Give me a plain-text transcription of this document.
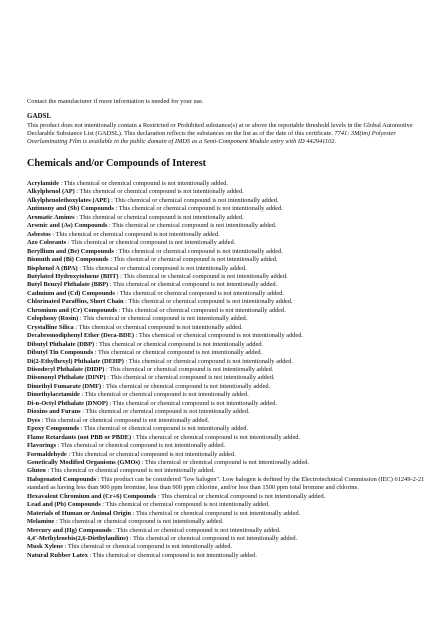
Contact the manufacturer if more information is needed for your use.

GADSL

This product does not intentionally contain a Restricted or Prohibited substance(s) at or above the reportable threshold levels in the Global Automotive Declarable Substance List (GADSL). This declaration reflects the substances on the list as of the date of this certificate. 7741: 3M(tm) Polyester Overlaminating Film is available in the public domain of IMDS as a Semi-Component Module entry with ID 442941102.

Chemicals and/or Compounds of Interest
Acrylamide : This chemical or chemical compound is not intentionally added.
Alkylphenol (AP) : This chemical or chemical compound is not intentionally added.
Alkylphenolethoxylates (APE) : This chemical or chemical compound is not intentionally added.
Antimony and (Sb) Compounds : This chemical or chemical compound is not intentionally added.
Aromatic Amines : This chemical or chemical compound is not intentionally added.
Arsenic and (As) Compounds : This chemical or chemical compound is not intentionally added.
Asbestos : This chemical or chemical compound is not intentionally added.
Azo Colorants : This chemical or chemical compound is not intentionally added.
Beryllium and (Be) Compounds : This chemical or chemical compound is not intentionally added.
Bismuth and (Bi) Compounds : This chemical or chemical compound is not intentionally added.
Bisphenol A (BPA) : This chemical or chemical compound is not intentionally added.
Butylated Hydroxytoluene (BHT) : This chemical or chemical compound is not intentionally added.
Butyl Benzyl Phthalate (BBP) : This chemical or chemical compound is not intentionally added.
Cadmium and (Cd) Compounds : This chemical or chemical compound is not intentionally added.
Chlorinated Paraffins, Short Chain : This chemical or chemical compound is not intentionally added.
Chromium and (Cr) Compounds : This chemical or chemical compound is not intentionally added.
Colophony (Rosin) : This chemical or chemical compound is not intentionally added.
Crystalline Silica : This chemical or chemical compound is not intentionally added.
Decabromodiphenyl Ether (Deca-BDE) : This chemical or chemical compound is not intentionally added.
Dibutyl Phthalate (DBP) : This chemical or chemical compound is not intentionally added.
Dibutyl Tin Compounds : This chemical or chemical compound is not intentionally added.
Di(2-Ethylhexyl) Phthalate (DEHP) : This chemical or chemical compound is not intentionally added.
Diisodecyl Phthalate (DIDP) : This chemical or chemical compound is not intentionally added.
Diisononyl Phthalate (DINP) : This chemical or chemical compound is not intentionally added.
Dimethyl Fumarate (DMF) : This chemical or chemical compound is not intentionally added.
Dimethylacetamide : This chemical or chemical compound is not intentionally added.
Di-n-Octyl Phthalate (DNOP) : This chemical or chemical compound is not intentionally added.
Dioxins and Furans : This chemical or chemical compound is not intentionally added.
Dyes : This chemical or chemical compound is not intentionally added.
Epoxy Compounds : This chemical or chemical compound is not intentionally added.
Flame Retardants (not PBB or PBDE) : This chemical or chemical compound is not intentionally added.
Flavorings : This chemical or chemical compound is not intentionally added.
Formaldehyde : This chemical or chemical compound is not intentionally added.
Genetically Modified Organisms (GMOs) : This chemical or chemical compound is not intentionally added.
Gluten : This chemical or chemical compound is not intentionally added.
Halogenated Compounds : This product can be considered "low halogen". Low halogen is defined by the Electrotechnical Commission (IEC) 61249-2-21 standard as having less than 900 ppm bromine, less than 900 ppm chlorine, and/or less than 1500 ppm total bromine and chlorine.
Hexavalent Chromium and (Cr+6) Compounds : This chemical or chemical compound is not intentionally added.
Lead and (Pb) Compounds : This chemical or chemical compound is not intentionally added.
Materials of Human or Animal Origin : This chemical or chemical compound is not intentionally added.
Melamine : This chemical or chemical compound is not intentionally added.
Mercury and (Hg) Compounds : This chemical or chemical compound is not intentionally added.
4,4'-Methylenebis(2,6-Diethylaniline) : This chemical or chemical compound is not intentionally added.
Musk Xylene : This chemical or chemical compound is not intentionally added.
Natural Rubber Latex : This chemical or chemical compound is not intentionally added.
